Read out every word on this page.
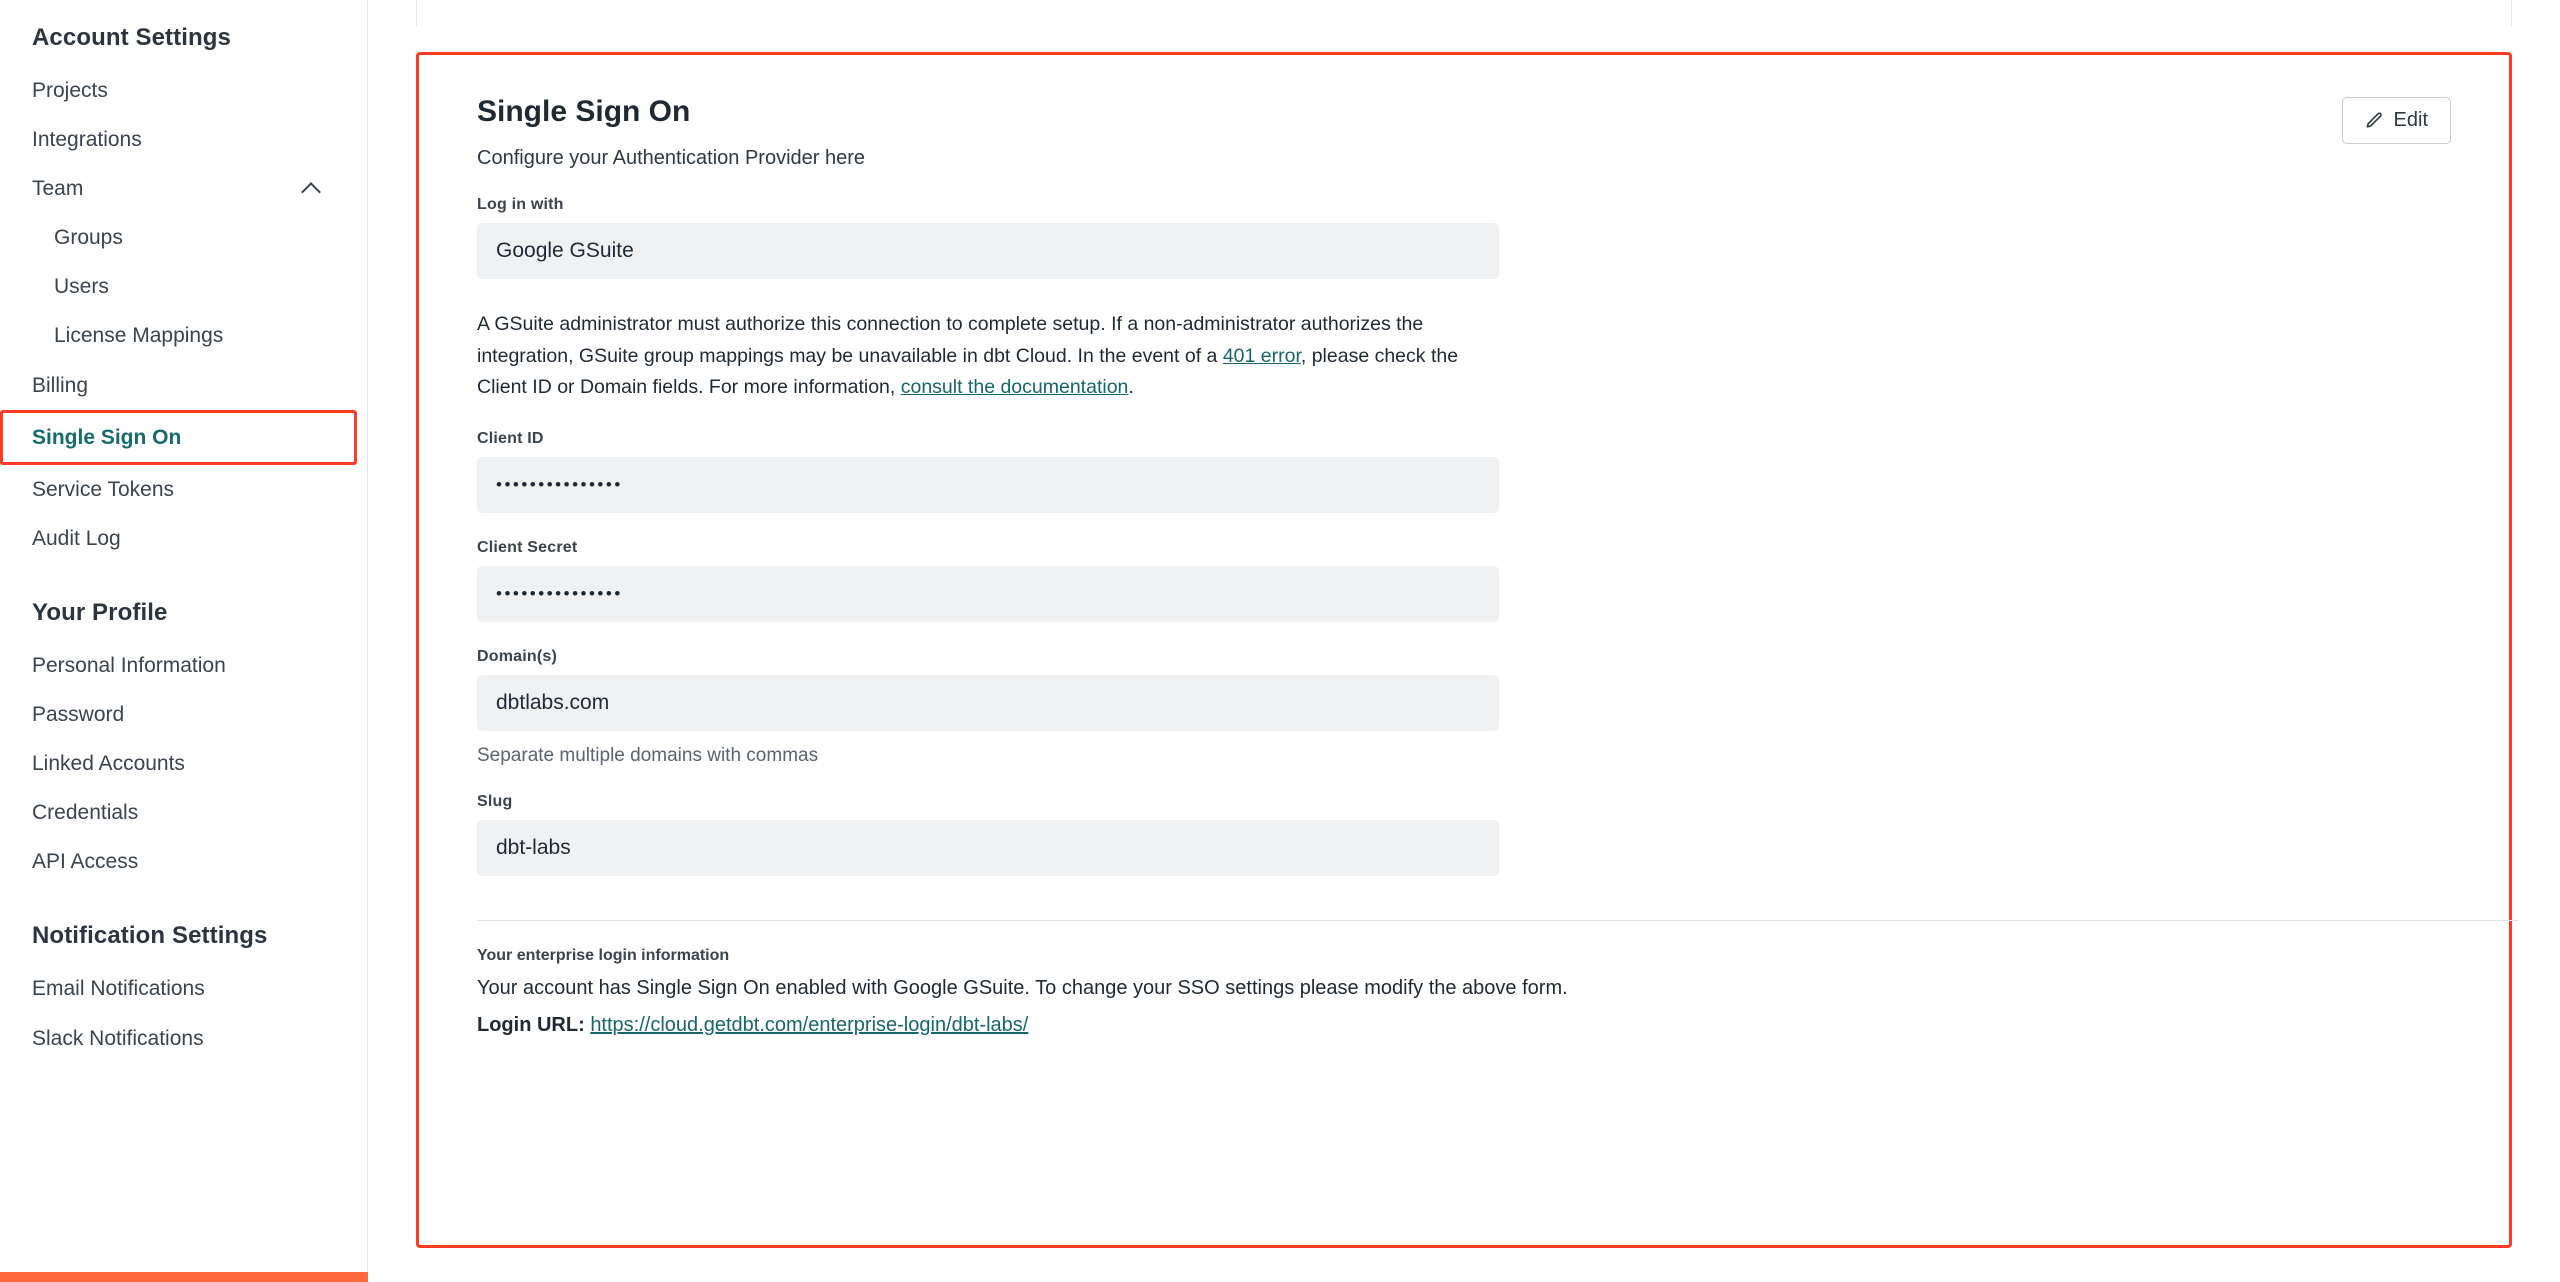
Account Settings
Projects
Integrations
Team
Groups
Users
License Mappings
Billing
Single Sign On
Service Tokens
Audit Log
Your Profile
Personal Information
Password
Linked Accounts
Credentials
API Access
Notification Settings
Email Notifications
Slack Notifications
Single Sign On
Configure your Authentication Provider here
Edit
Log in with
Google GSuite

A GSuite administrator must authorize this connection to complete setup. If a non-administrator authorizes the integration, GSuite group mappings may be unavailable in dbt Cloud. In the event of a 401 error, please check the Client ID or Domain fields. For more information, consult the documentation.

Client ID
•••••••••••••••
Client Secret
•••••••••••••••
Domain(s)
dbtlabs.com
Separate multiple domains with commas
Slug
dbt-labs
Your enterprise login information
Your account has Single Sign On enabled with Google GSuite. To change your SSO settings please modify the above form.
Login URL: https://cloud.getdbt.com/enterprise-login/dbt-labs/
